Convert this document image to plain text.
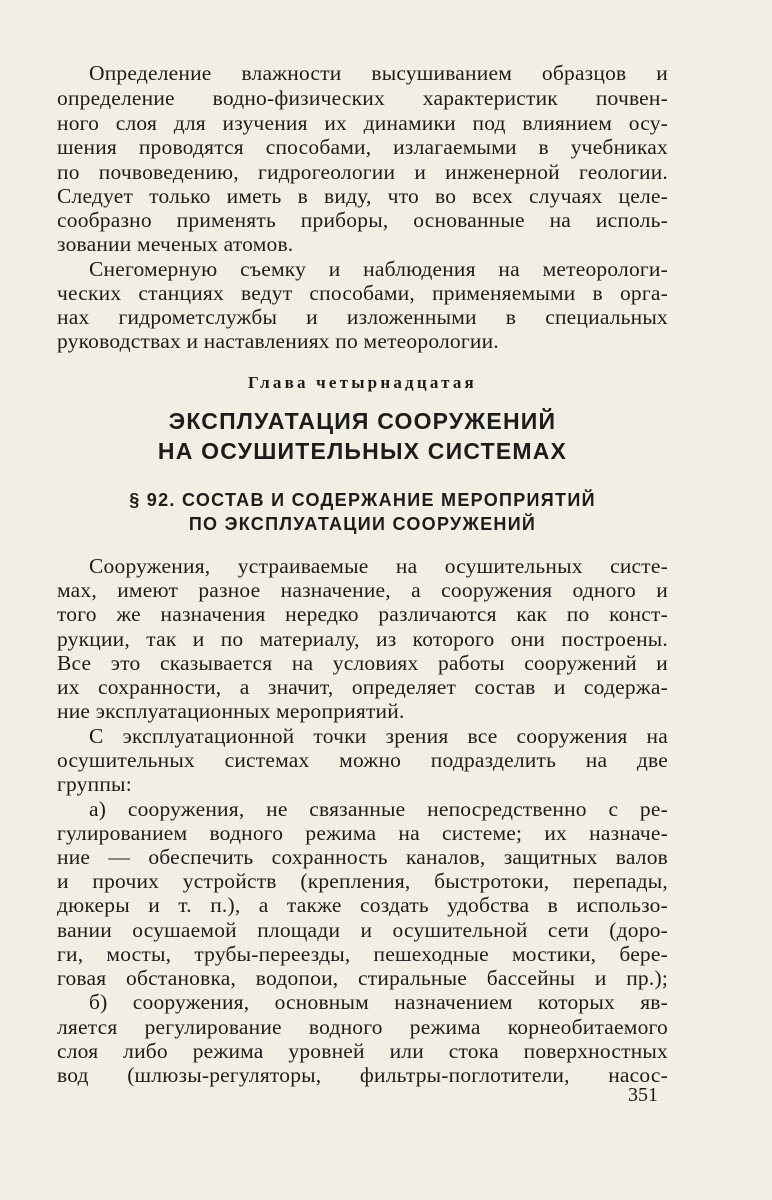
Определение влажности высушиванием образцов и
определение водно-физических характеристик почвен-
ного слоя для изучения их динамики под влиянием осу-
шения проводятся способами, излагаемыми в учебниках
по почвоведению, гидрогеологии и инженерной геологии.
Следует только иметь в виду, что во всех случаях целе-
сообразно применять приборы, основанные на исполь-
зовании меченых атомов.
Снегомерную съемку и наблюдения на метеорологи-
ческих станциях ведут способами, применяемыми в орга-
нах гидрометслужбы и изложенными в специальных
руководствах и наставлениях по метеорологии.
Глава четырнадцатая
ЭКСПЛУАТАЦИЯ СООРУЖЕНИЙ
НА ОСУШИТЕЛЬНЫХ СИСТЕМАХ
§ 92. СОСТАВ И СОДЕРЖАНИЕ МЕРОПРИЯТИЙ
ПО ЭКСПЛУАТАЦИИ СООРУЖЕНИЙ
Сооружения, устраиваемые на осушительных систе-
мах, имеют разное назначение, а сооружения одного и
того же назначения нередко различаются как по конст-
рукции, так и по материалу, из которого они построены.
Все это сказывается на условиях работы сооружений и
их сохранности, а значит, определяет состав и содержа-
ние эксплуатационных мероприятий.
С эксплуатационной точки зрения все сооружения на
осушительных системах можно подразделить на две
группы:
а) сооружения, не связанные непосредственно с ре-
гулированием водного режима на системе; их назначе-
ние — обеспечить сохранность каналов, защитных валов
и прочих устройств (крепления, быстротоки, перепады,
дюкеры и т. п.), а также создать удобства в использо-
вании осушаемой площади и осушительной сети (доро-
ги, мосты, трубы-переезды, пешеходные мостики, бере-
говая обстановка, водопои, стиральные бассейны и пр.);
б) сооружения, основным назначением которых яв-
ляется регулирование водного режима корнеобитаемого
слоя либо режима уровней или стока поверхностных
вод (шлюзы-регуляторы, фильтры-поглотители, насос-
351
